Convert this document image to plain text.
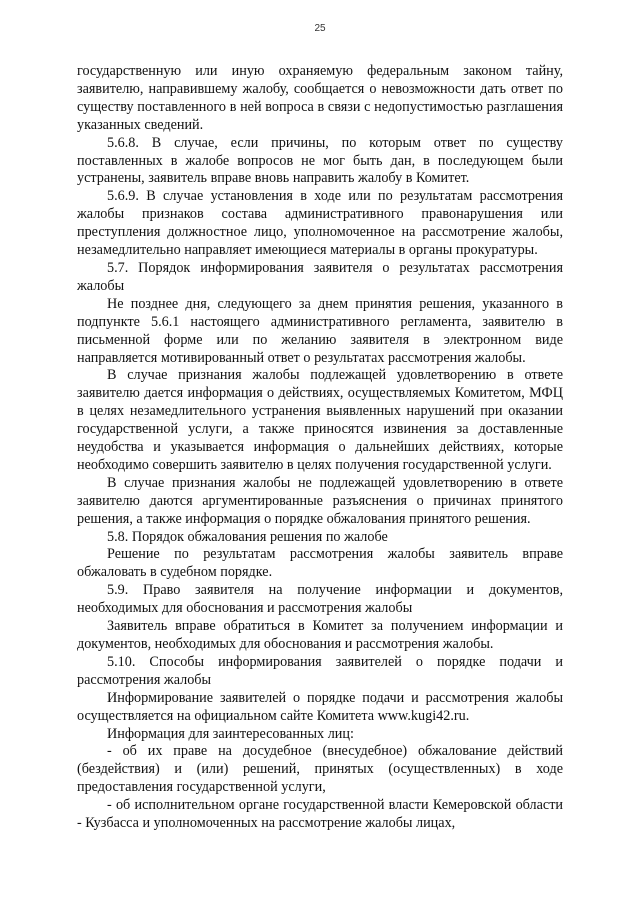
25

государственную или иную охраняемую федеральным законом тайну, заявителю, направившему жалобу, сообщается о невозможности дать ответ по существу поставленного в ней вопроса в связи с недопустимостью разглашения указанных сведений.

5.6.8. В случае, если причины, по которым ответ по существу поставленных в жалобе вопросов не мог быть дан, в последующем были устранены, заявитель вправе вновь направить жалобу в Комитет.

5.6.9. В случае установления в ходе или по результатам рассмотрения жалобы признаков состава административного правонарушения или преступления должностное лицо, уполномоченное на рассмотрение жалобы, незамедлительно направляет имеющиеся материалы в органы прокуратуры.

5.7. Порядок информирования заявителя о результатах рассмотрения жалобы

Не позднее дня, следующего за днем принятия решения, указанного в подпункте 5.6.1 настоящего административного регламента, заявителю в письменной форме или по желанию заявителя в электронном виде направляется мотивированный ответ о результатах рассмотрения жалобы.

В случае признания жалобы подлежащей удовлетворению в ответе заявителю дается информация о действиях, осуществляемых Комитетом, МФЦ в целях незамедлительного устранения выявленных нарушений при оказании государственной услуги, а также приносятся извинения за доставленные неудобства и указывается информация о дальнейших действиях, которые необходимо совершить заявителю в целях получения государственной услуги.

В случае признания жалобы не подлежащей удовлетворению в ответе заявителю даются аргументированные разъяснения о причинах принятого решения, а также информация о порядке обжалования принятого решения.

5.8. Порядок обжалования решения по жалобе

Решение по результатам рассмотрения жалобы заявитель вправе обжаловать в судебном порядке.

5.9. Право заявителя на получение информации и документов, необходимых для обоснования и рассмотрения жалобы

Заявитель вправе обратиться в Комитет за получением информации и документов, необходимых для обоснования и рассмотрения жалобы.

5.10. Способы информирования заявителей о порядке подачи и рассмотрения жалобы

Информирование заявителей о порядке подачи и рассмотрения жалобы осуществляется на официальном сайте Комитета www.kugi42.ru.

Информация для заинтересованных лиц:

- об их праве на досудебное (внесудебное) обжалование действий (бездействия) и (или) решений, принятых (осуществленных) в ходе предоставления государственной услуги,

- об исполнительном органе государственной власти Кемеровской области - Кузбасса и уполномоченных на рассмотрение жалобы лицах,
